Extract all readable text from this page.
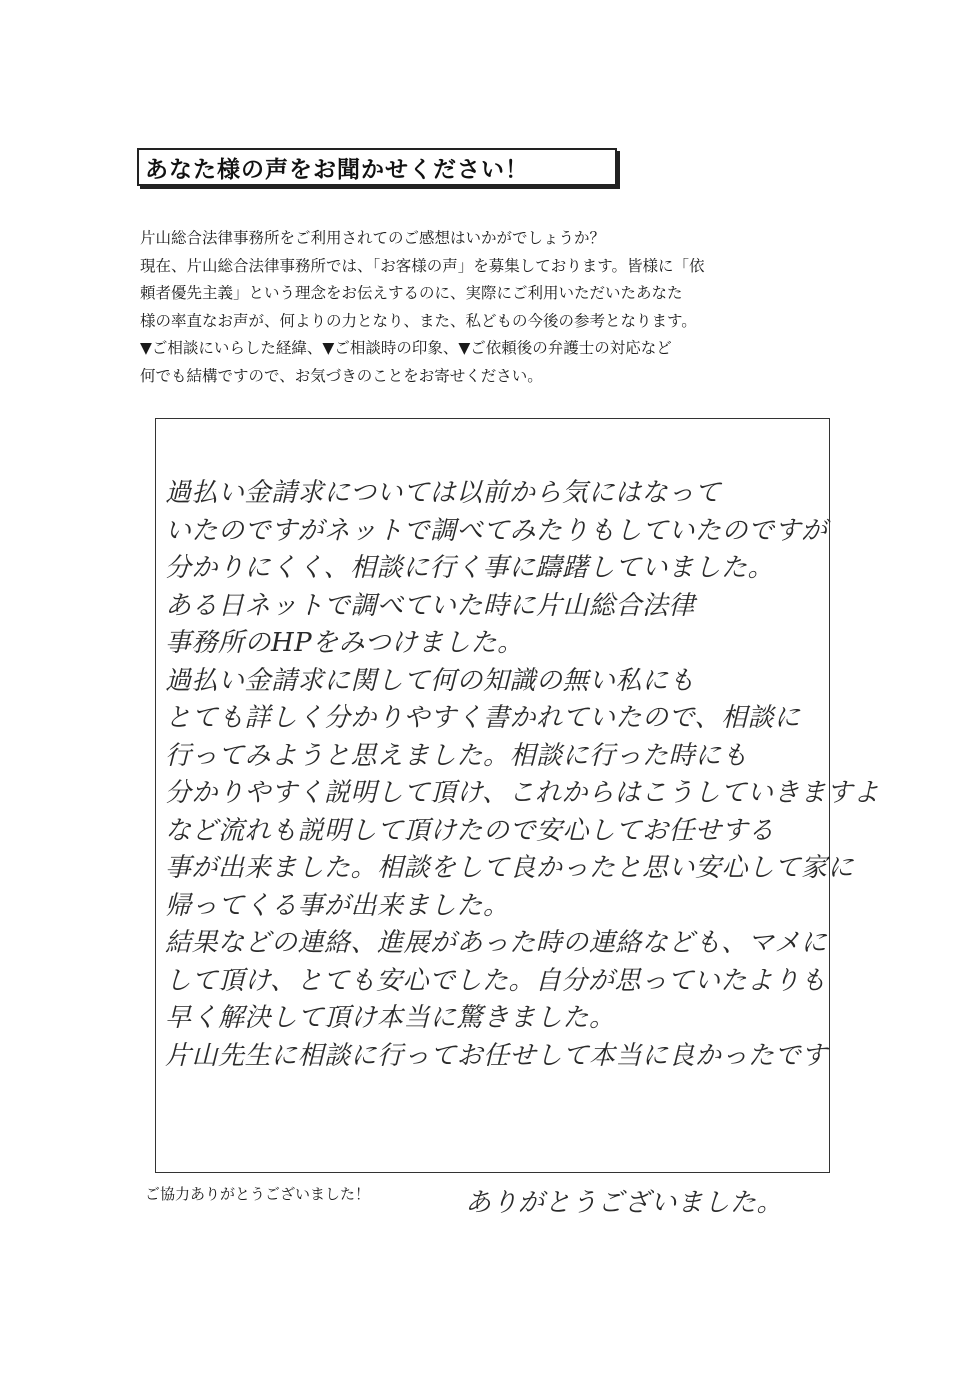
あなた様の声をお聞かせください！
片山総合法律事務所をご利用されてのご感想はいかがでしょうか？
現在、片山総合法律事務所では、「お客様の声」を募集しております。皆様に「依
頼者優先主義」という理念をお伝えするのに、実際にご利用いただいたあなた
様の率直なお声が、何よりの力となり、また、私どもの今後の参考となります。
▼ご相談にいらした経緯、▼ご相談時の印象、▼ご依頼後の弁護士の対応など
何でも結構ですので、お気づきのことをお寄せください。
過払い金請求については以前から気にはなって
いたのですがネットで調べてみたりもしていたのですが
分かりにくく、相談に行く事に躊躇していました。
ある日ネットで調べていた時に片山総合法律
事務所のHPをみつけました。
過払い金請求に関して何の知識の無い私にも
とても詳しく分かりやすく書かれていたので、相談に
行ってみようと思えました。相談に行った時にも
分かりやすく説明して頂け、これからはこうしていきますよ
など流れも説明して頂けたので安心してお任せする
事が出来ました。相談をして良かったと思い安心して家に
帰ってくる事が出来ました。
結果などの連絡、進展があった時の連絡なども、マメに
して頂け、とても安心でした。自分が思っていたよりも
早く解決して頂け本当に驚きました。
片山先生に相談に行ってお任せして本当に良かったです
ありがとうございました。
ご協力ありがとうございました！
